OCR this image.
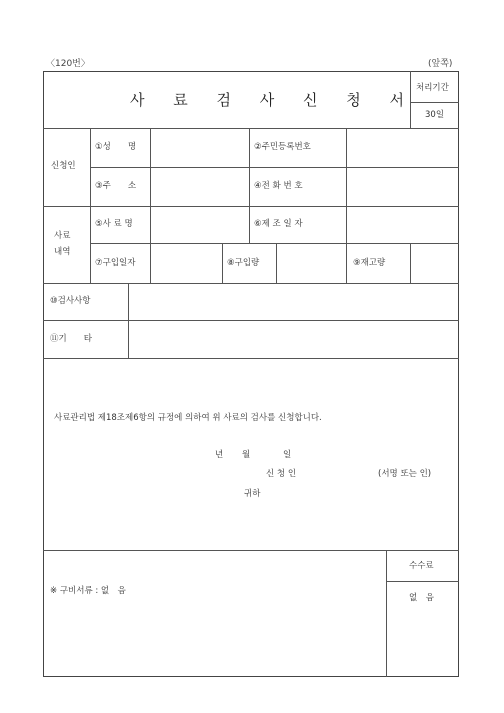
〈120번〉	(앞쪽)
사 료 검 사 신 청 서
처리기간
30일
신청인
①성　　명	②주민등록번호
③주　　소	④전 화 번 호
사료
내역
⑤사 료 명	⑥제 조 일 자
⑦구입일자	⑧구입량	⑨재고량
⑩검사사항
⑪기　　타
사료관리법 제18조제6항의 규정에 의하여 위 사료의 검사를 신청합니다.
년 월	일
신 청 인	(서명 또는 인)
귀하
※ 구비서류 : 없　음
수수료
없　음
